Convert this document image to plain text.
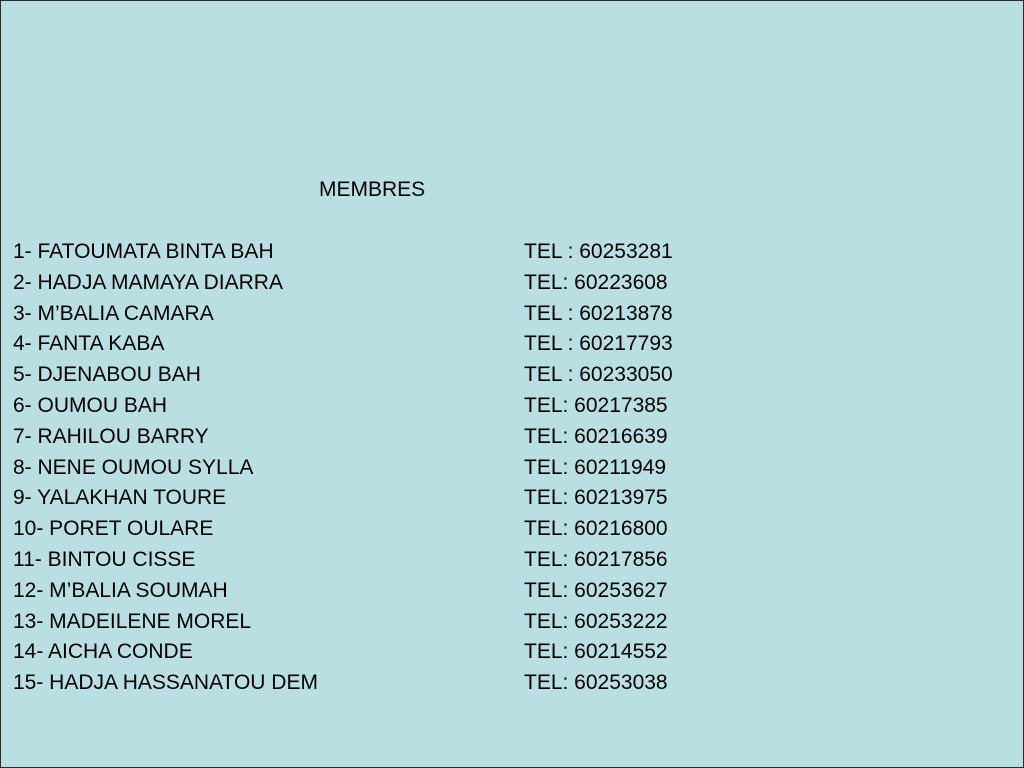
MEMBRES
1- FATOUMATA BINTA BAH	TEL : 60253281
2- HADJA MAMAYA DIARRA	TEL: 60223608
3- M’BALIA CAMARA	TEL : 60213878
4- FANTA KABA	TEL : 60217793
5- DJENABOU BAH	TEL : 60233050
6- OUMOU BAH	TEL: 60217385
7- RAHILOU BARRY	TEL: 60216639
8- NENE OUMOU SYLLA	TEL: 60211949
9- YALAKHAN TOURE	TEL: 60213975
10- PORET OULARE	TEL: 60216800
11- BINTOU CISSE	TEL: 60217856
12- M’BALIA SOUMAH	TEL: 60253627
13- MADEILENE MOREL	TEL: 60253222
14- AICHA CONDE	TEL: 60214552
15- HADJA HASSANATOU DEM	TEL: 60253038
